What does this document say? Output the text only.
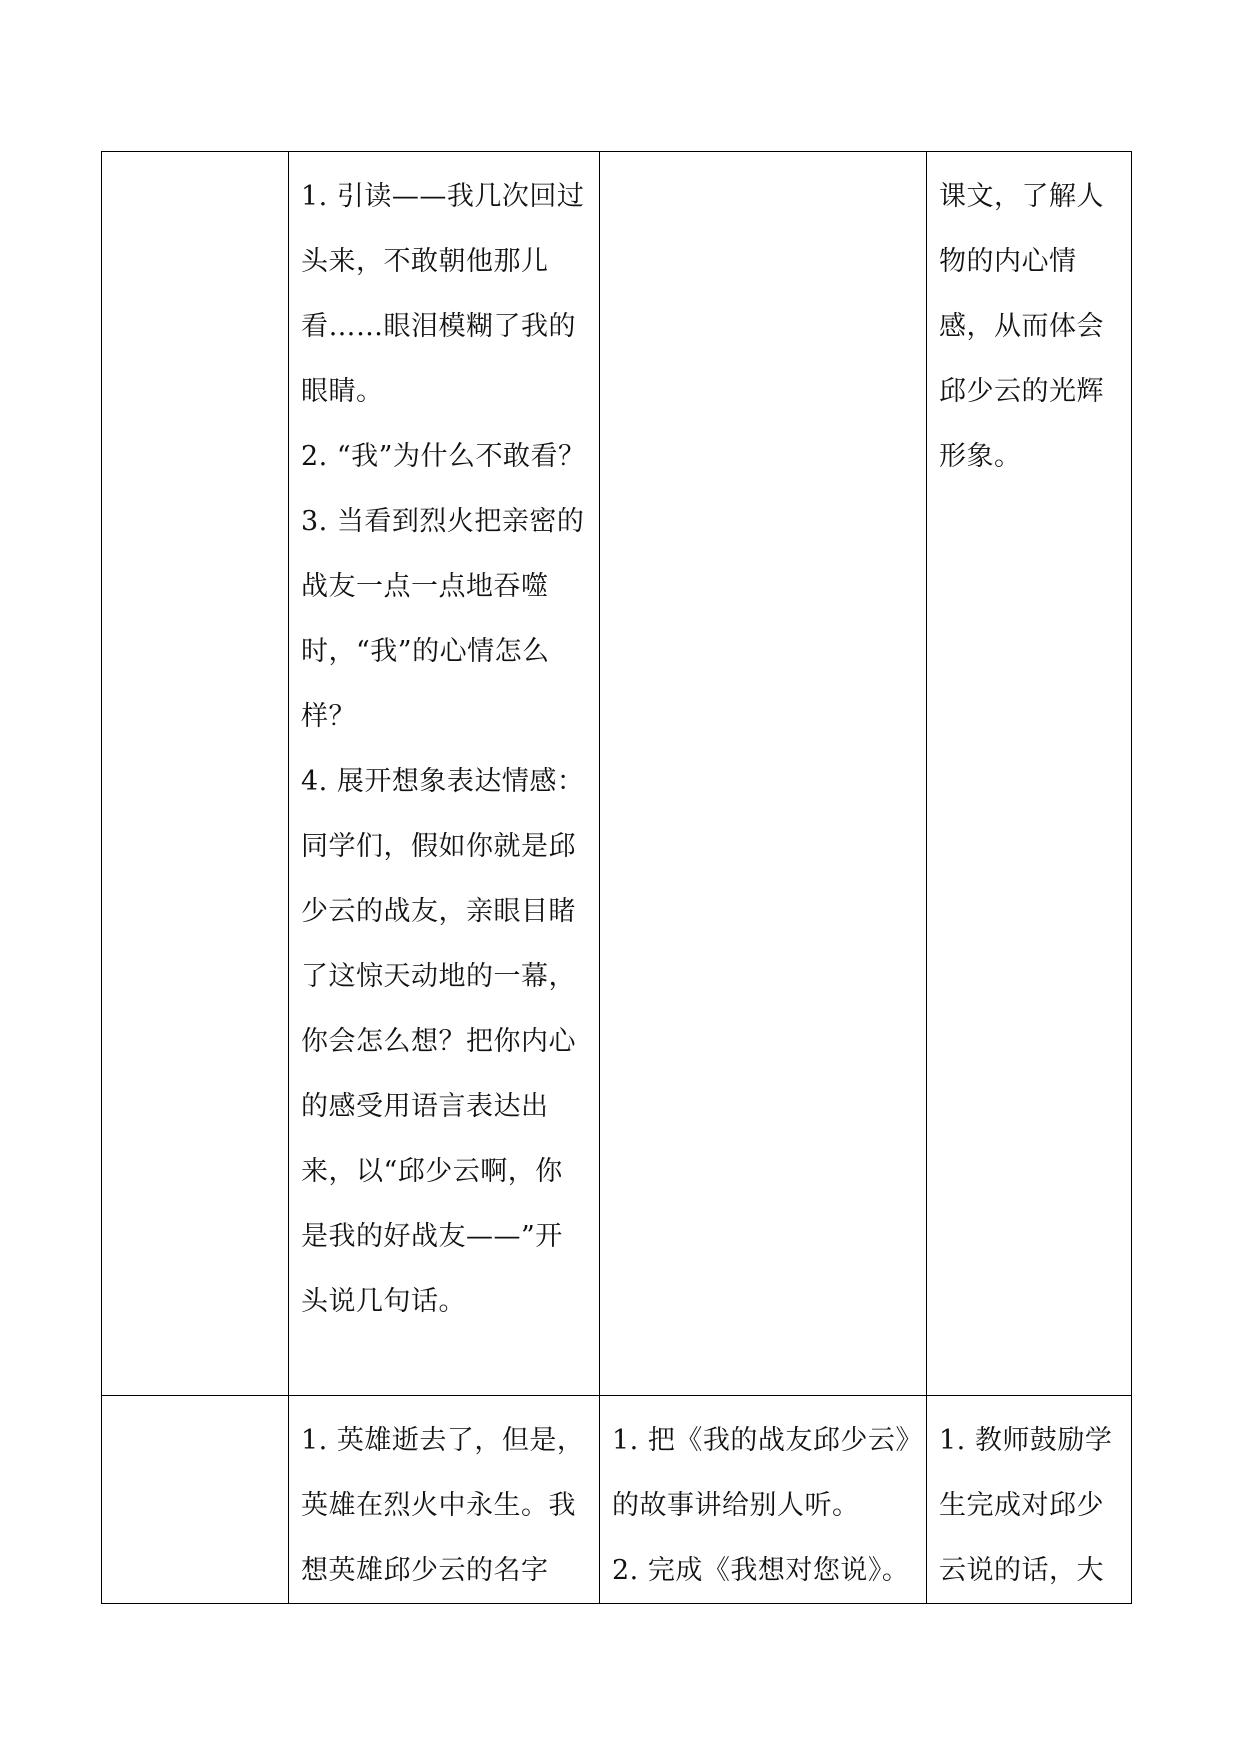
	1. 引读——我几次回过头来，不敢朝他那儿看……眼泪模糊了我的眼睛。
2. “我”为什么不敢看？
3. 当看到烈火把亲密的战友一点一点地吞噬时，“我”的心情怎么样？
4. 展开想象表达情感：同学们，假如你就是邱少云的战友，亲眼目睹了这惊天动地的一幕，你会怎么想？把你内心的感受用语言表达出来，以“邱少云啊，你是我的好战友——”开头说几句话。		课文，了解人物的内心情感，从而体会邱少云的光辉形象。

	1. 英雄逝去了，但是，英雄在烈火中永生。我想英雄邱少云的名字	1. 把《我的战友邱少云》的故事讲给别人听。
2. 完成《我想对您说》。	1. 教师鼓励学生完成对邱少云说的话，大
